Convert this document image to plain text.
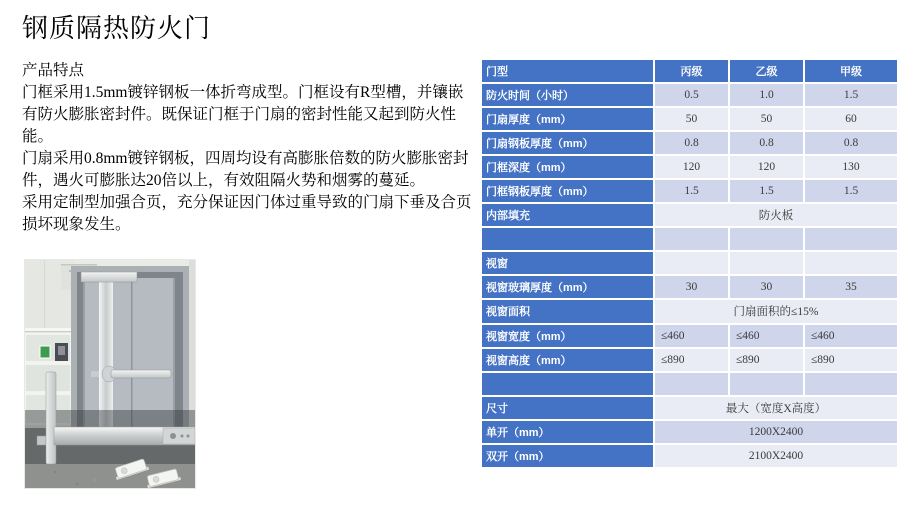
钢质隔热防火门

产品特点

门框采用1.5mm镀锌钢板一体折弯成型。门框设有R型槽，并镶嵌有防火膨胀密封件。既保证门框于门扇的密封性能又起到防火性能。

门扇采用0.8mm镀锌钢板，四周均设有高膨胀倍数的防火膨胀密封件，遇火可膨胀达20倍以上，有效阻隔火势和烟雾的蔓延。

采用定制型加强合页，充分保证因门体过重导致的门扇下垂及合页损坏现象发生。

门型	丙级	乙级	甲级
防火时间（小时）	0.5	1.0	1.5
门扇厚度（mm）	50	50	60
门扇钢板厚度（mm）	0.8	0.8	0.8
门框深度（mm）	120	120	130
门框钢板厚度（mm）	1.5	1.5	1.5
内部填充	防火板		

视窗			
视窗玻璃厚度（mm）	30	30	35
视窗面积	门扇面积的≤15%		
视窗宽度（mm）	≤460	≤460	≤460
视窗高度（mm）	≤890	≤890	≤890

尺寸	最大（宽度X高度）		
单开（mm）	1200X2400		
双开（mm）	2100X2400		
